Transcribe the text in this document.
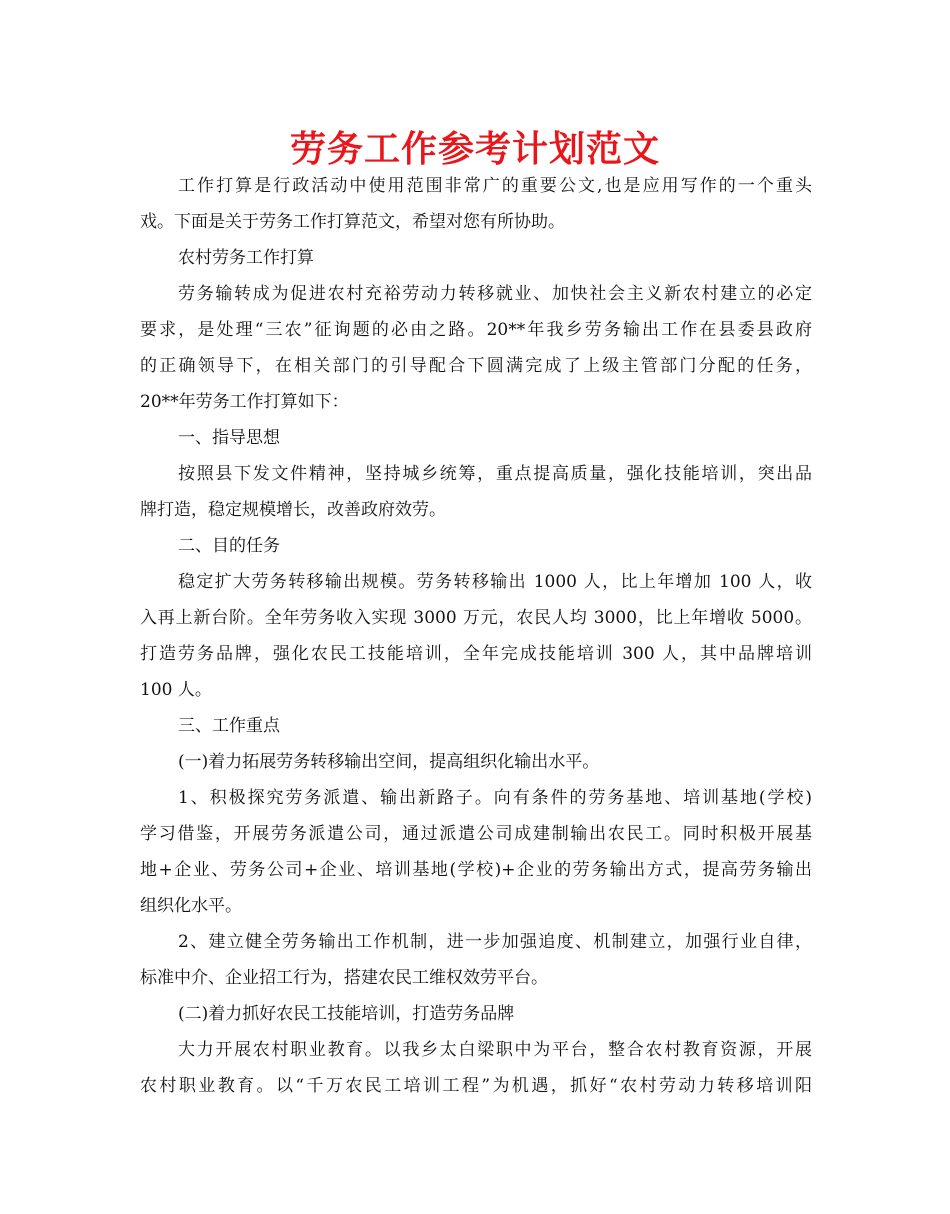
劳务工作参考计划范文
工作打算是行政活动中使用范围非常广的重要公文,也是应用写作的一个重头
戏。下面是关于劳务工作打算范文，希望对您有所协助。
农村劳务工作打算
劳务输转成为促进农村充裕劳动力转移就业、加快社会主义新农村建立的必定
要求，是处理“三农”征询题的必由之路。20**年我乡劳务输出工作在县委县政府
的正确领导下，在相关部门的引导配合下圆满完成了上级主管部门分配的任务，
20**年劳务工作打算如下：
一、指导思想
按照县下发文件精神，坚持城乡统筹，重点提高质量，强化技能培训，突出品
牌打造，稳定规模增长，改善政府效劳。
二、目的任务
稳定扩大劳务转移输出规模。劳务转移输出 1000 人，比上年增加 100 人，收
入再上新台阶。全年劳务收入实现 3000 万元，农民人均 3000，比上年增收 5000。
打造劳务品牌，强化农民工技能培训，全年完成技能培训 300 人，其中品牌培训
100 人。
三、工作重点
(一)着力拓展劳务转移输出空间，提高组织化输出水平。
1、积极探究劳务派遣、输出新路子。向有条件的劳务基地、培训基地(学校)
学习借鉴，开展劳务派遣公司，通过派遣公司成建制输出农民工。同时积极开展基
地+企业、劳务公司+企业、培训基地(学校)+企业的劳务输出方式，提高劳务输出
组织化水平。
2、建立健全劳务输出工作机制，进一步加强追度、机制建立，加强行业自律，
标准中介、企业招工行为，搭建农民工维权效劳平台。
(二)着力抓好农民工技能培训，打造劳务品牌
大力开展农村职业教育。以我乡太白梁职中为平台，整合农村教育资源，开展
农村职业教育。以“千万农民工培训工程”为机遇，抓好“农村劳动力转移培训阳
